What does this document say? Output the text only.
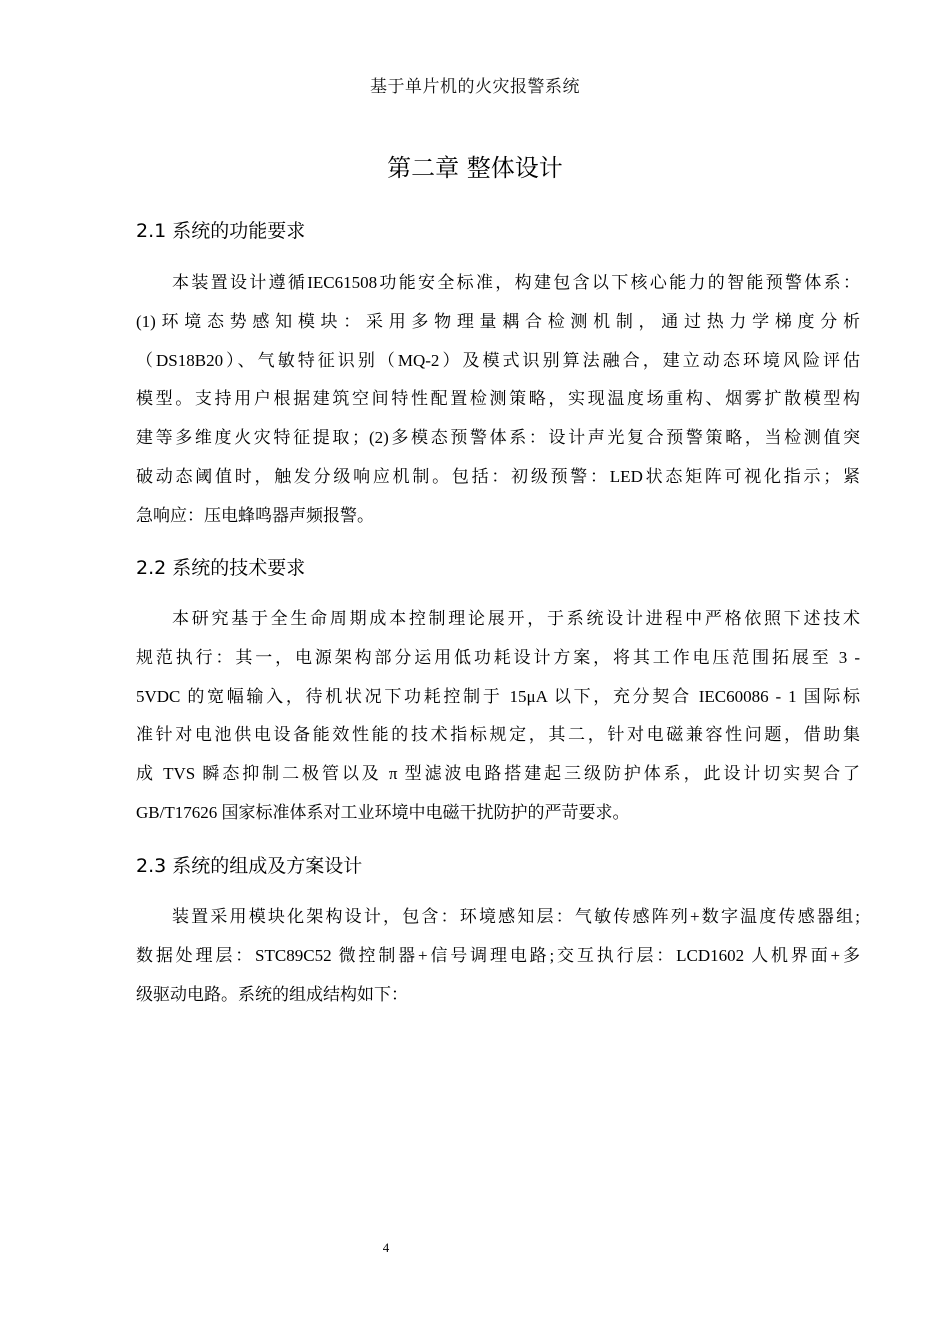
基于单片机的火灾报警系统
第二章 整体设计
2.1 系统的功能要求
本装置设计遵循IEC61508功能安全标准，构建包含以下核心能力的智能预警体系：
(1)环境态势感知模块：采用多物理量耦合检测机制，通过热力学梯度分析
（DS18B20）、气敏特征识别（MQ-2）及模式识别算法融合，建立动态环境风险评估
模型。支持用户根据建筑空间特性配置检测策略，实现温度场重构、烟雾扩散模型构
建等多维度火灾特征提取；(2)多模态预警体系：设计声光复合预警策略，当检测值突
破动态阈值时，触发分级响应机制。包括：初级预警：LED状态矩阵可视化指示；紧
急响应：压电蜂鸣器声频报警。
2.2 系统的技术要求
本研究基于全生命周期成本控制理论展开，于系统设计进程中严格依照下述技术
规范执行：其一，电源架构部分运用低功耗设计方案，将其工作电压范围拓展至 3 -
5VDC 的宽幅输入，待机状况下功耗控制于 15μA 以下，充分契合 IEC60086 - 1 国际标
准针对电池供电设备能效性能的技术指标规定，其二，针对电磁兼容性问题，借助集
成 TVS 瞬态抑制二极管以及 π 型滤波电路搭建起三级防护体系，此设计切实契合了
GB/T17626 国家标准体系对工业环境中电磁干扰防护的严苛要求。
2.3 系统的组成及方案设计
装置采用模块化架构设计，包含：环境感知层：气敏传感阵列+数字温度传感器组;
数据处理层：STC89C52 微控制器+信号调理电路;交互执行层：LCD1602 人机界面+多
级驱动电路。系统的组成结构如下：
4
